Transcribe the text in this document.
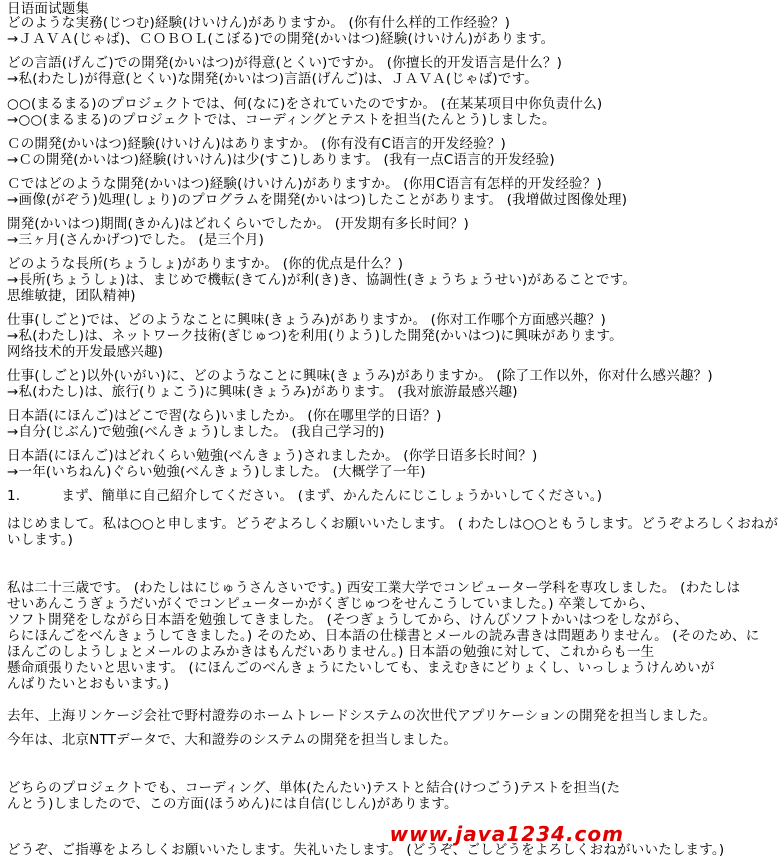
日语面试题集
どのような実務(じつむ)経験(けいけん)がありますか。 (你有什么样的工作经验？)
→ＪＡＶＡ(じゃば)、ＣＯＢＯＬ(こぼる)での開発(かいはつ)経験(けいけん)があります。
どの言語(げんご)での開発(かいはつ)が得意(とくい)ですか。 (你擅长的开发语言是什么？)
→私(わたし)が得意(とくい)な開発(かいはつ)言語(げんご)は、ＪＡＶＡ(じゃば)です。
○○(まるまる)のプロジェクトでは、何(なに)をされていたのですか。 (在某某项目中你负责什么)
→○○(まるまる)のプロジェクトでは、コーディングとテストを担当(たんとう)しました。
Ｃの開発(かいはつ)経験(けいけん)はありますか。 (你有没有C语言的开发经验？)
→Ｃの開発(かいはつ)経験(けいけん)は少(すこ)しあります。 (我有一点C语言的开发经验)
Ｃではどのような開発(かいはつ)経験(けいけん)がありますか。 (你用C语言有怎样的开发经验？)
→画像(がぞう)処理(しょり)のプログラムを開発(かいはつ)したことがあります。 (我增做过图像处理)
開発(かいはつ)期間(きかん)はどれくらいでしたか。 (开发期有多长时间？)
→三ヶ月(さんかげつ)でした。 (是三个月)
どのような長所(ちょうしょ)がありますか。 (你的优点是什么？)
→長所(ちょうしょ)は、まじめで機転(きてん)が利(き)き、協調性(きょうちょうせい)があることです。
思维敏捷，团队精神)
仕事(しごと)では、どのようなことに興味(きょうみ)がありますか。 (你对工作哪个方面感兴趣？)
→私(わたし)は、ネットワーク技術(ぎじゅつ)を利用(りよう)した開発(かいはつ)に興味があります。
网络技术的开发最感兴趣)
仕事(しごと)以外(いがい)に、どのようなことに興味(きょうみ)がありますか。 (除了工作以外，你对什么感兴趣？)
→私(わたし)は、旅行(りょこう)に興味(きょうみ)があります。 (我对旅游最感兴趣)
日本語(にほんご)はどこで習(なら)いましたか。 (你在哪里学的日语？)
→自分(じぶん)で勉強(べんきょう)しました。 (我自己学习的)
日本語(にほんご)はどれくらい勉強(べんきょう)されましたか。 (你学日语多长时间？)
→一年(いちねん)ぐらい勉強(べんきょう)しました。 (大概学了一年)
1.　　　まず、簡単に自己紹介してください。 (まず、かんたんにじこしょうかいしてください。)
はじめまして。私は○○と申します。どうぞよろしくお願いいたします。 ( わたしは○○ともうします。どうぞよろしくおねが
いします。)
私は二十三歳です。 (わたしはにじゅうさんさいです。) 西安工業大学でコンピューター学科を専攻しました。 (わたしは
せいあんこうぎょうだいがくでコンピューターかがくぎじゅつをせんこうしていました。) 卒業してから、
ソフト開発をしながら日本語を勉強してきました。 (そつぎょうしてから、けんびソフトかいはつをしながら、
らにほんごをべんきょうしてきました。) そのため、日本語の仕様書とメールの読み書きは問題ありません。 (そのため、に
ほんごのしようしょとメールのよみかきはもんだいありません。) 日本語の勉強に対して、これからも一生
懸命頑張りたいと思います。 (にほんごのべんきょうにたいしても、まえむきにどりょくし、いっしょうけんめいが
んばりたいとおもいます。)
去年、上海リンケージ会社で野村證券のホームトレードシステムの次世代アプリケーションの開発を担当しました。
今年は、北京NTTデータで、大和證券のシステムの開発を担当しました。
どちらのプロジェクトでも、コーディング、単体(たんたい)テストと結合(けつごう)テストを担当(た
んとう)しましたので、この方面(ほうめん)には自信(じしん)があります。
www.java1234.com
どうぞ、ご指導をよろしくお願いいたします。失礼いたします。 (どうぞ、ごしどうをよろしくおねがいいたします。)
